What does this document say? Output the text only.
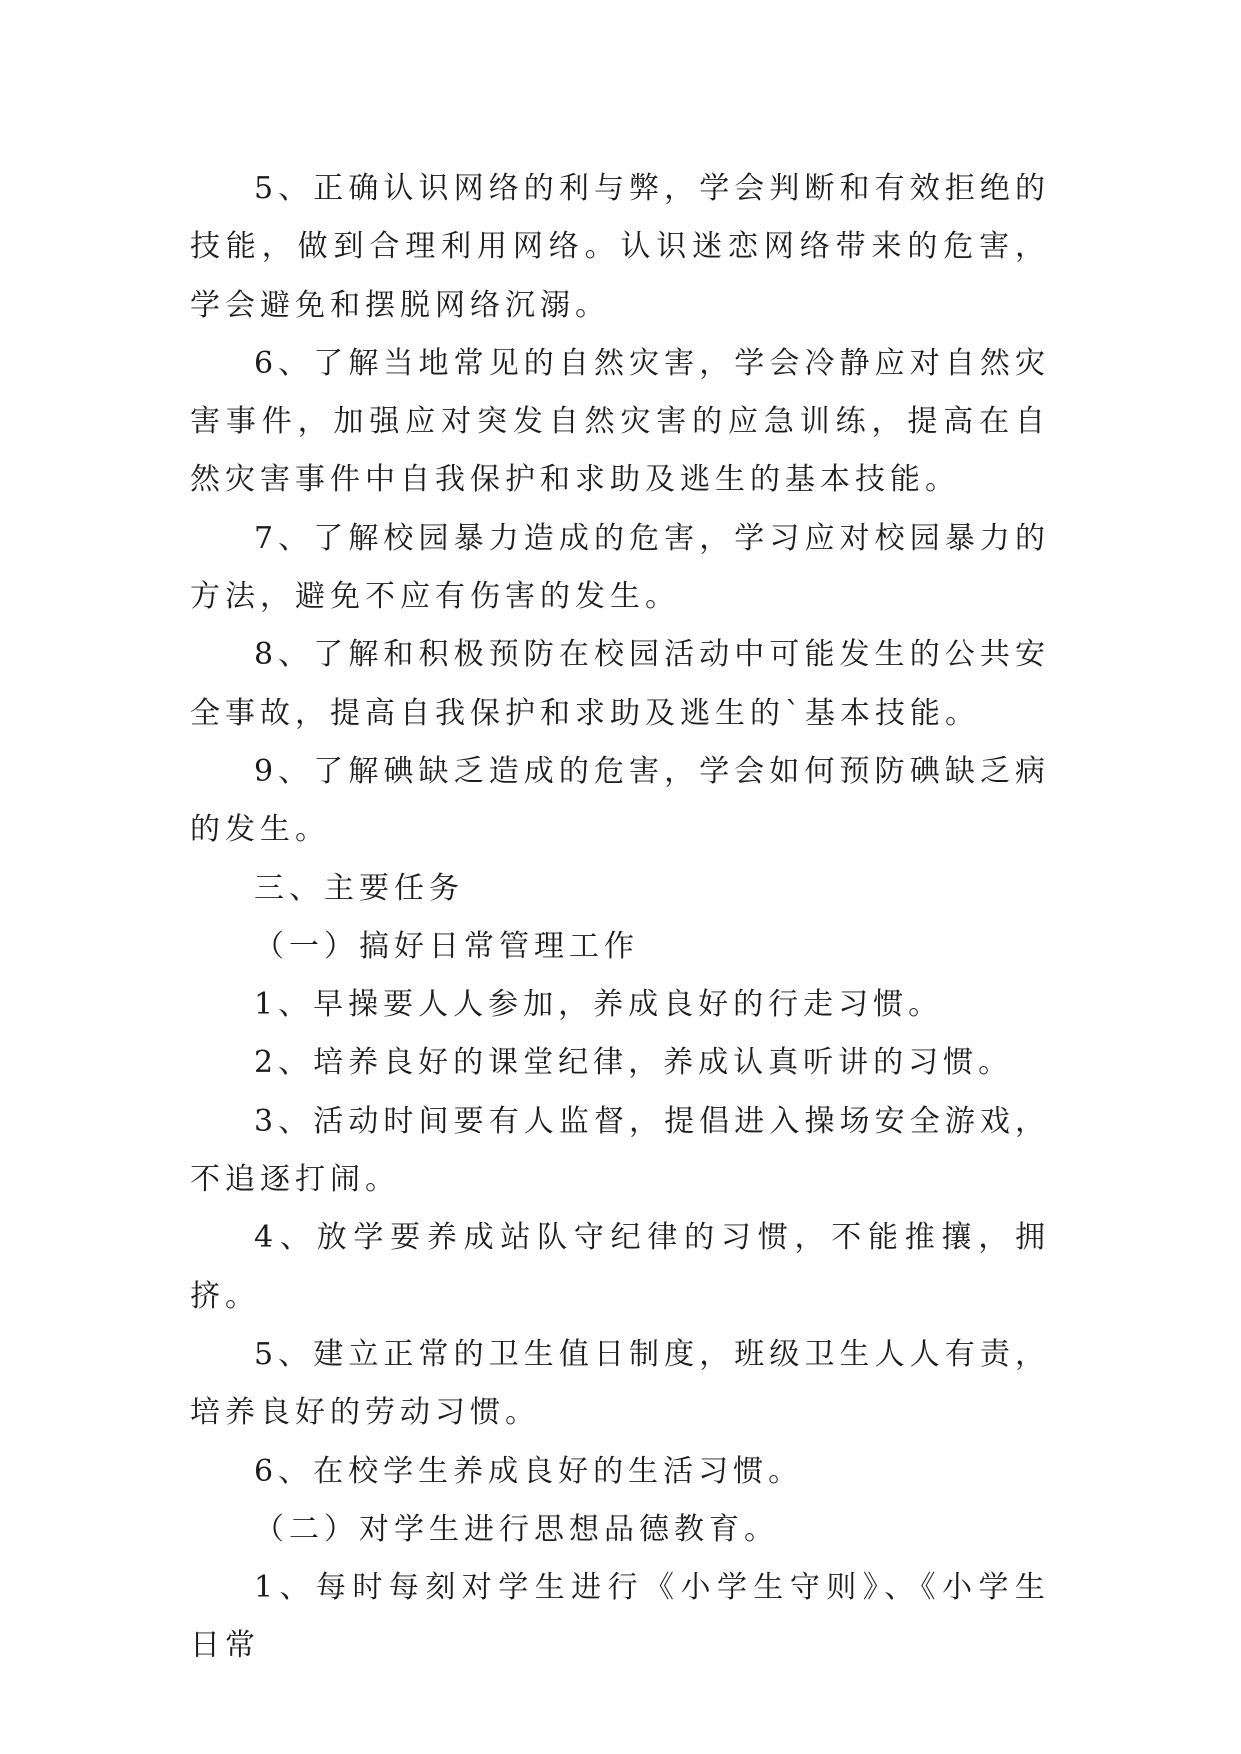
5、正确认识网络的利与弊，学会判断和有效拒绝的技能，做到合理利用网络。认识迷恋网络带来的危害，学会避免和摆脱网络沉溺。

6、了解当地常见的自然灾害，学会冷静应对自然灾害事件，加强应对突发自然灾害的应急训练，提高在自然灾害事件中自我保护和求助及逃生的基本技能。

7、了解校园暴力造成的危害，学习应对校园暴力的方法，避免不应有伤害的发生。

8、了解和积极预防在校园活动中可能发生的公共安全事故，提高自我保护和求助及逃生的`基本技能。

9、了解碘缺乏造成的危害，学会如何预防碘缺乏病的发生。

三、主要任务

（一）搞好日常管理工作

1、早操要人人参加，养成良好的行走习惯。

2、培养良好的课堂纪律，养成认真听讲的习惯。

3、活动时间要有人监督，提倡进入操场安全游戏，不追逐打闹。

4、放学要养成站队守纪律的习惯，不能推攘，拥挤。

5、建立正常的卫生值日制度，班级卫生人人有责，培养良好的劳动习惯。

6、在校学生养成良好的生活习惯。

（二）对学生进行思想品德教育。

1、每时每刻对学生进行《小学生守则》、《小学生日常
